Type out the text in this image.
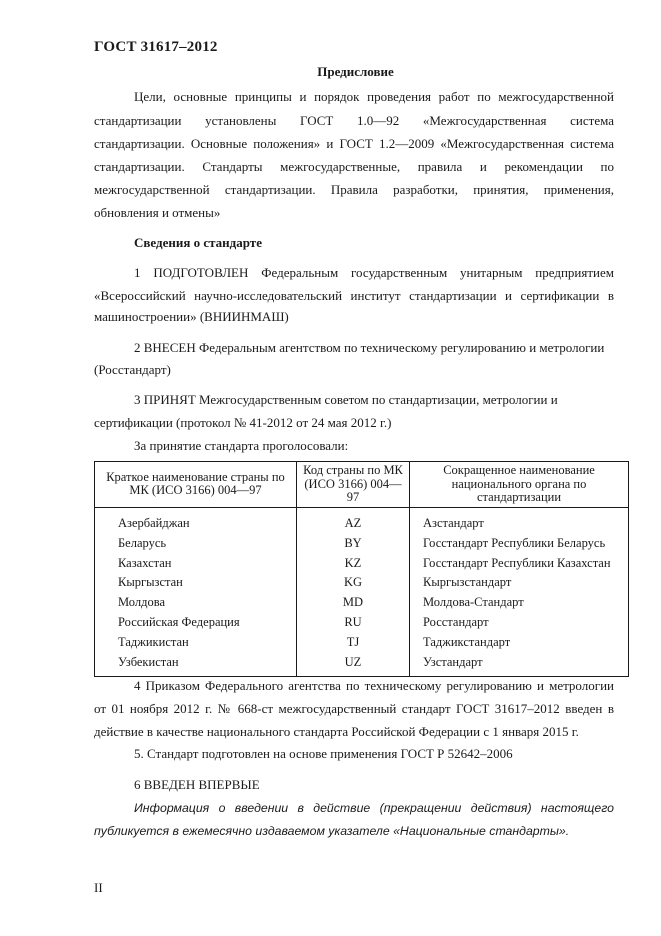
ГОСТ 31617–2012
Предисловие
Цели, основные принципы и порядок проведения работ по межгосударственной
стандартизации установлены ГОСТ 1.0—92 «Межгосударственная система
стандартизации. Основные положения» и ГОСТ 1.2—2009 «Межгосударственная система
стандартизации. Стандарты межгосударственные, правила и рекомендации по
межгосударственной стандартизации. Правила разработки, принятия, применения,
обновления и отмены»
Сведения о стандарте
1 ПОДГОТОВЛЕН Федеральным государственным унитарным предприятием
«Всероссийский научно-исследовательский институт стандартизации и сертификации в
машиностроении» (ВНИИНМАШ)
2 ВНЕСЕН Федеральным агентством по техническому регулированию и метрологии
(Росстандарт)
3 ПРИНЯТ Межгосударственным советом по стандартизации, метрологии и
сертификации (протокол № 41-2012 от 24 мая 2012 г.)
За принятие стандарта проголосовали:
Краткое наименование страны по МК (ИСО 3166) 004—97	Код страны по МК (ИСО 3166) 004—97	Сокращенное наименование национального органа по стандартизации
Азербайджан	AZ	Азстандарт
Беларусь	BY	Госстандарт Республики Беларусь
Казахстан	KZ	Госстандарт Республики Казахстан
Кыргызстан	KG	Кыргызстандарт
Молдова	MD	Молдова-Стандарт
Российская Федерация	RU	Росстандарт
Таджикистан	TJ	Таджикстандарт
Узбекистан	UZ	Узстандарт
4 Приказом Федерального агентства по техническому регулированию и метрологии
от 01 ноября 2012 г. № 668-ст межгосударственный стандарт ГОСТ 31617–2012 введен в
действие в качестве национального стандарта Российской Федерации с 1 января 2015 г.
5. Стандарт подготовлен на основе применения ГОСТ Р 52642–2006
6 ВВЕДЕН ВПЕРВЫЕ
Информация о введении в действие (прекращении действия) настоящего
публикуется в ежемесячно издаваемом указателе «Национальные стандарты».
II
